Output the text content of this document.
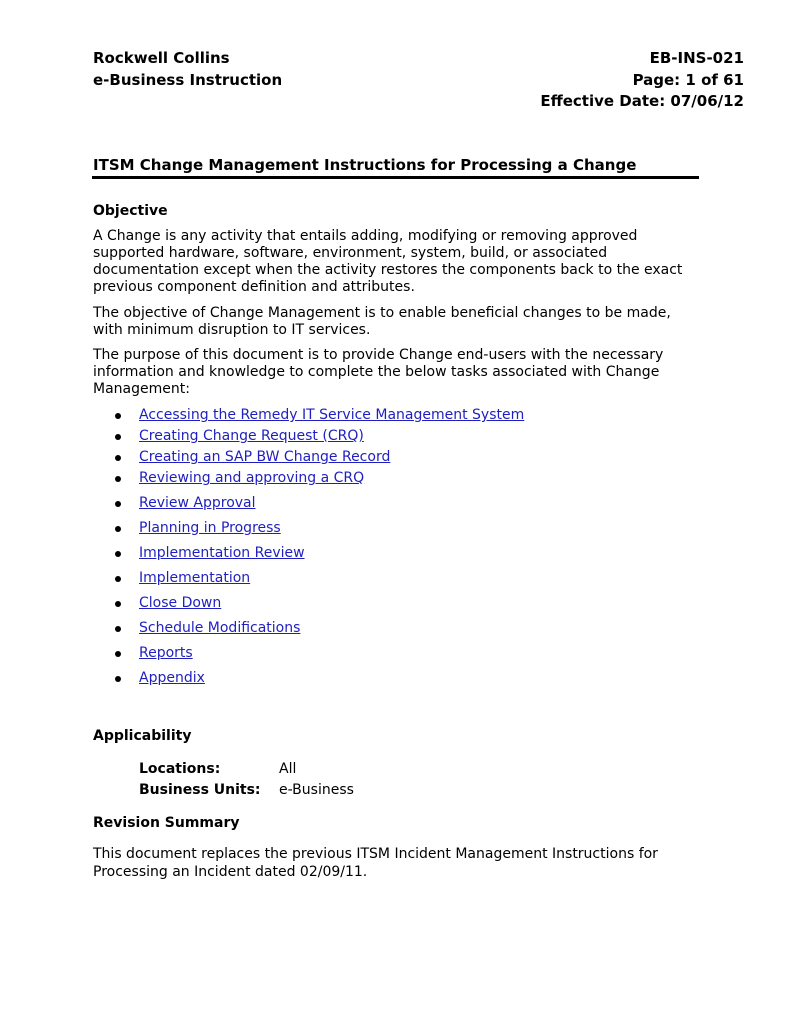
Rockwell Collins
e-Business Instruction
EB-INS-021
Page: 1 of 61
Effective Date: 07/06/12
ITSM Change Management Instructions for Processing a Change
Objective

A Change is any activity that entails adding, modifying or removing approved supported hardware, software, environment, system, build, or associated documentation except when the activity restores the components back to the exact previous component definition and attributes.

The objective of Change Management is to enable beneficial changes to be made, with minimum disruption to IT services.

The purpose of this document is to provide Change end-users with the necessary information and knowledge to complete the below tasks associated with Change Management:

Accessing the Remedy IT Service Management System
Creating Change Request (CRQ)
Creating an SAP BW Change Record
Reviewing and approving a CRQ
Review Approval
Planning in Progress
Implementation Review
Implementation
Close Down
Schedule Modifications
Reports
Appendix
Applicability
Locations:	All
Business Units: e-Business
Revision Summary

This document replaces the previous ITSM Incident Management Instructions for Processing an Incident dated 02/09/11.
